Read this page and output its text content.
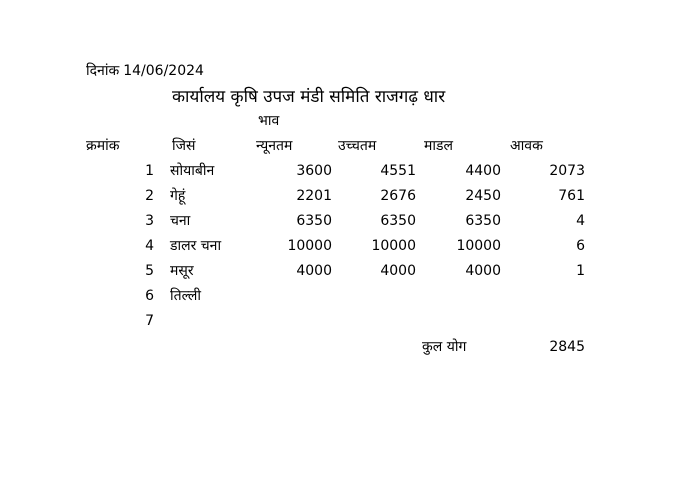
दिनांक 14/06/2024
कार्यालय कृषि उपज मंडी समिति राजगढ़ धार
भाव
क्रमांक	जिसं	न्यूनतम	उच्चतम	माडल	आवक
1 सोयाबीन	3600	4551	4400	2073
2 गेहूं	2201	2676	2450	761
3 चना	6350	6350	6350	4
4 डालर चना	10000	10000	10000	6
5 मसूर	4000	4000	4000	1
6 तिल्ली
7
कुल योग	2845
